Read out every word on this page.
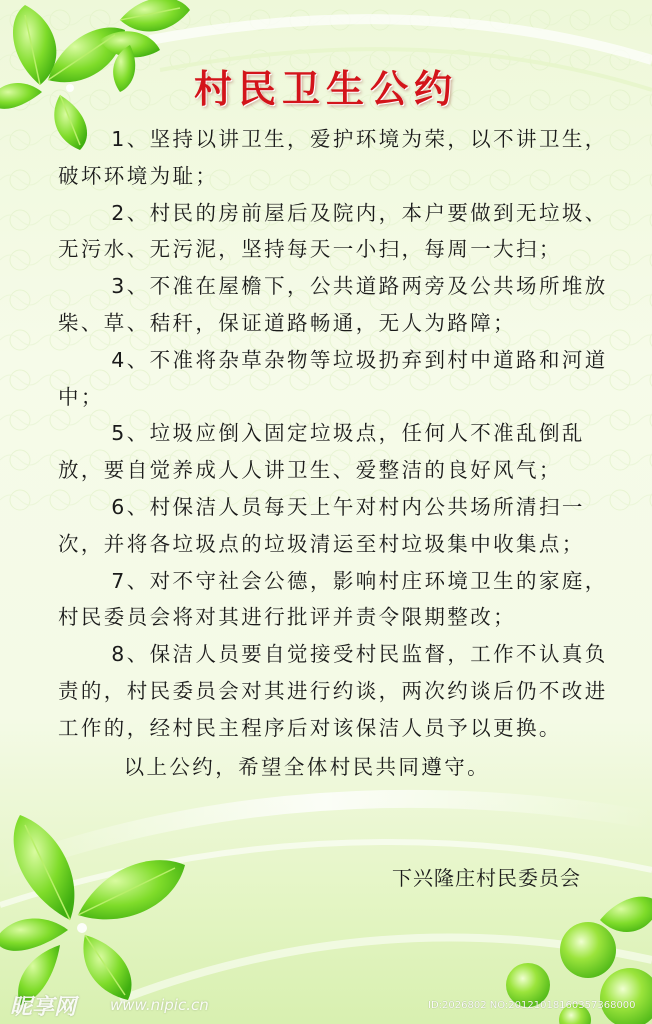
村民卫生公约

1、坚持以讲卫生，爱护环境为荣，以不讲卫生，破坏环境为耻；

2、村民的房前屋后及院内，本户要做到无垃圾、无污水、无污泥，坚持每天一小扫，每周一大扫；

3、不准在屋檐下，公共道路两旁及公共场所堆放柴、草、秸秆，保证道路畅通，无人为路障；

4、不准将杂草杂物等垃圾扔弃到村中道路和河道中；

5、垃圾应倒入固定垃圾点，任何人不准乱倒乱放，要自觉养成人人讲卫生、爱整洁的良好风气；

6、村保洁人员每天上午对村内公共场所清扫一次，并将各垃圾点的垃圾清运至村垃圾集中收集点；

7、对不守社会公德，影响村庄环境卫生的家庭，村民委员会将对其进行批评并责令限期整改；

8、保洁人员要自觉接受村民监督，工作不认真负责的，村民委员会对其进行约谈，两次约谈后仍不改进工作的，经村民主程序后对该保洁人员予以更换。

以上公约，希望全体村民共同遵守。

下兴隆庄村民委员会
昵享网 www.nipic.cn	ID:2026802 NO:20121018160357368000
